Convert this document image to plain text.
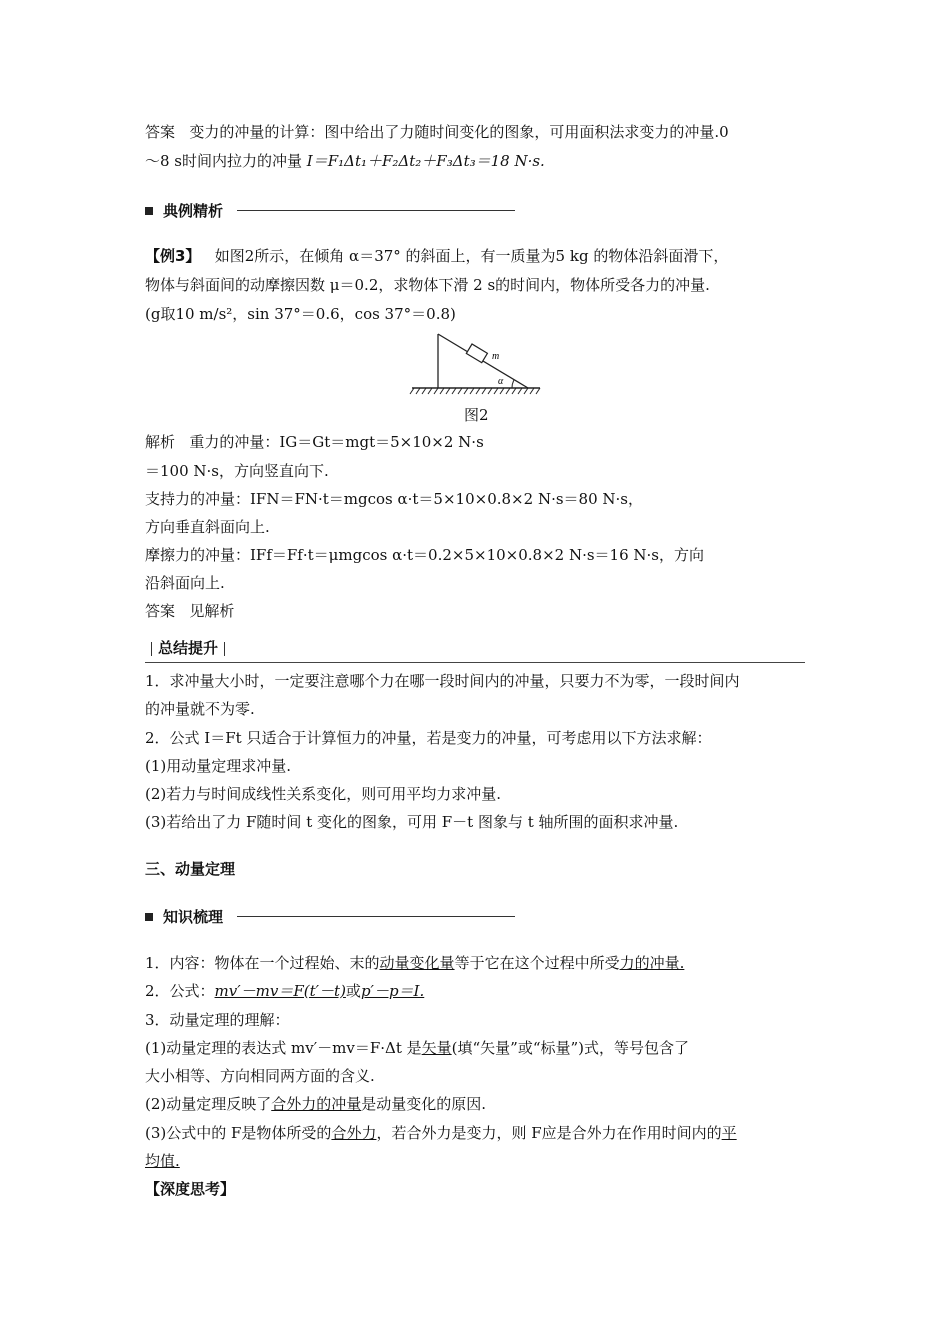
答案 变力的冲量的计算：图中给出了力随时间变化的图象，可用面积法求变力的冲量.0
～8 s时间内拉力的冲量 I＝F₁Δt₁＋F₂Δt₂＋F₃Δt₃＝18 N·s.
典例精析
【例3】 如图2所示，在倾角 α＝37° 的斜面上，有一质量为5 kg 的物体沿斜面滑下，
物体与斜面间的动摩擦因数 μ＝0.2，求物体下滑 2 s的时间内，物体所受各力的冲量.
(g取10 m/s²，sin 37°＝0.6，cos 37°＝0.8)
m
α
图2
解析 重力的冲量：IG＝Gt＝mgt＝5×10×2 N·s
＝100 N·s，方向竖直向下.
支持力的冲量：IFN＝FN·t＝mgcos α·t＝5×10×0.8×2 N·s＝80 N·s，
方向垂直斜面向上.
摩擦力的冲量：IFf＝Ff·t＝μmgcos α·t＝0.2×5×10×0.8×2 N·s＝16 N·s，方向
沿斜面向上.
答案 见解析
总结提升
1．求冲量大小时，一定要注意哪个力在哪一段时间内的冲量，只要力不为零，一段时间内
的冲量就不为零.
2．公式 I＝Ft 只适合于计算恒力的冲量，若是变力的冲量，可考虑用以下方法求解：
(1)用动量定理求冲量.
(2)若力与时间成线性关系变化，则可用平均力求冲量.
(3)若给出了力 F随时间 t 变化的图象，可用 F－t 图象与 t 轴所围的面积求冲量.
三、动量定理
知识梳理
1．内容：物体在一个过程始、末的动量变化量等于它在这个过程中所受力的冲量.
2．公式：mv′－mv＝F(t′－t)或p′－p＝I.
3．动量定理的理解：
(1)动量定理的表达式 mv′－mv＝F·Δt 是矢量(填“矢量”或“标量”)式，等号包含了
大小相等、方向相同两方面的含义.
(2)动量定理反映了合外力的冲量是动量变化的原因.
(3)公式中的 F是物体所受的合外力，若合外力是变力，则 F应是合外力在作用时间内的平
均值.
【深度思考】
